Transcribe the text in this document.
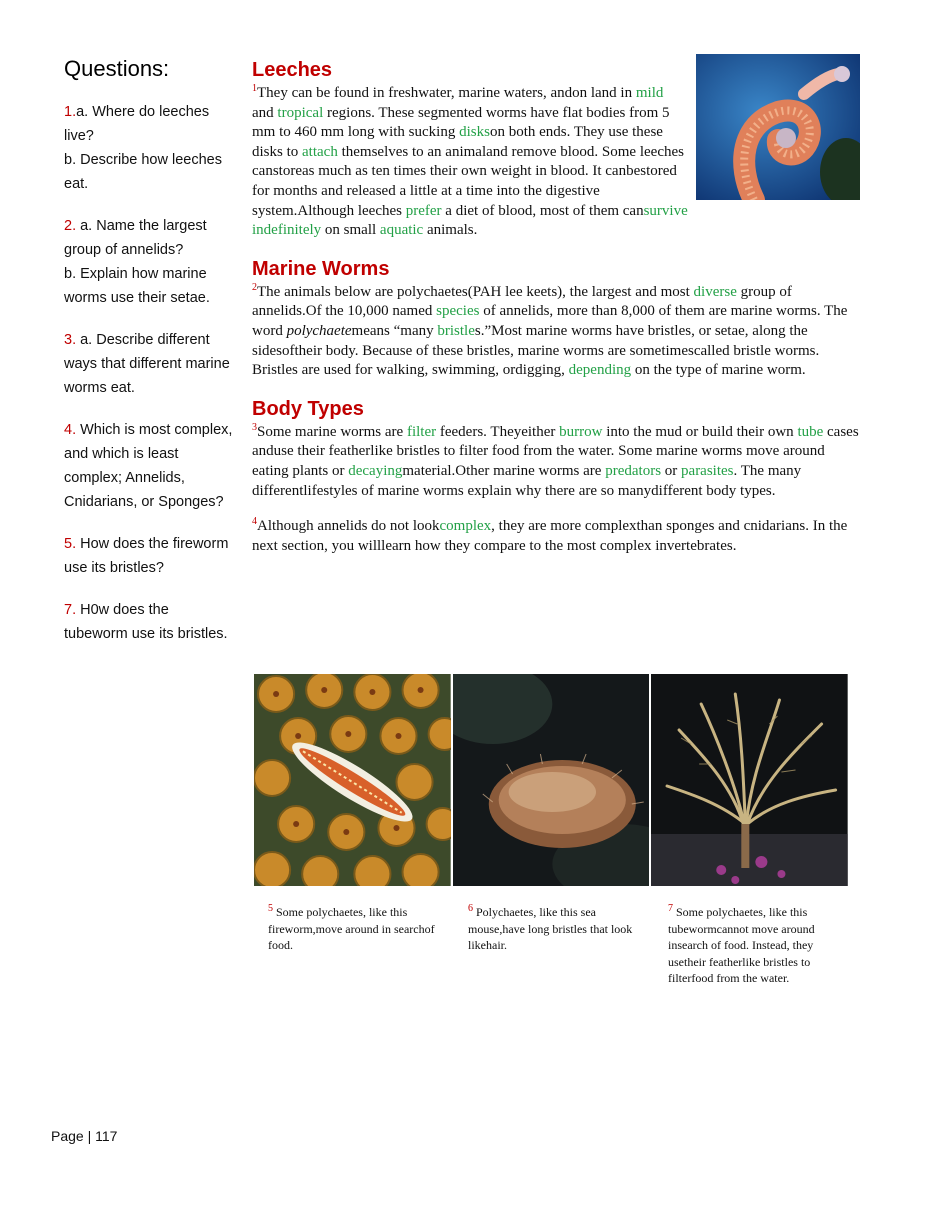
Questions:

1.a. Where do leeches live?
b. Describe how leeches eat.

2. a. Name the largest group of annelids?
b. Explain how marine worms use their setae.

3. a. Describe different ways that different marine worms eat.

4. Which is most complex, and which is least complex; Annelids, Cnidarians, or Sponges?

5. How does the fireworm use its bristles?

7. H0w does the tubeworm use its bristles.

Leeches

$^1$They can be found in freshwater, marine waters, andon land in mild and tropical regions. These segmented worms have flat bodies from 5 mm to 460 mm long with sucking diskson both ends. They use these disks to attach themselves to an animaland remove blood. Some leeches canstoreas much as ten times their own weight in blood. It canbestored for months and released a little at a time into the digestive system.Although leeches prefer a diet of blood, most of them cansurvive indefinitely on small aquatic animals.

Marine Worms

$^2$The animals below are polychaetes(PAH lee keets), the largest and most diverse group of annelids.Of the 10,000 named species of annelids, more than 8,000 of them are marine worms. The word polychaetemeans “many bristles.”Most marine worms have bristles, or setae, along the sidesoftheir body. Because of these bristles, marine worms are sometimescalled bristle worms. Bristles are used for walking, swimming, ordigging, depending on the type of marine worm.

Body Types

$^3$Some marine worms are filter feeders. Theyeither burrow into the mud or build their own tube cases anduse their featherlike bristles to filter food from the water. Some marine worms move around eating plants or decayingmaterial.Other marine worms are predators or parasites. The many differentlifestyles of marine worms explain why there are so manydifferent body types.

$^4$Although annelids do not lookcomplex, they are more complexthan sponges and cnidarians. In the next section, you willlearn how they compare to the most complex invertebrates.

$^5$ Some polychaetes, like this fireworm,move around in searchof food.
$^6$ Polychaetes, like this sea mouse,have long bristles that look likehair.
$^7$ Some polychaetes, like this tubewormcannot move around insearch of food. Instead, they usetheir featherlike bristles to filterfood from the water.
Page | 117
